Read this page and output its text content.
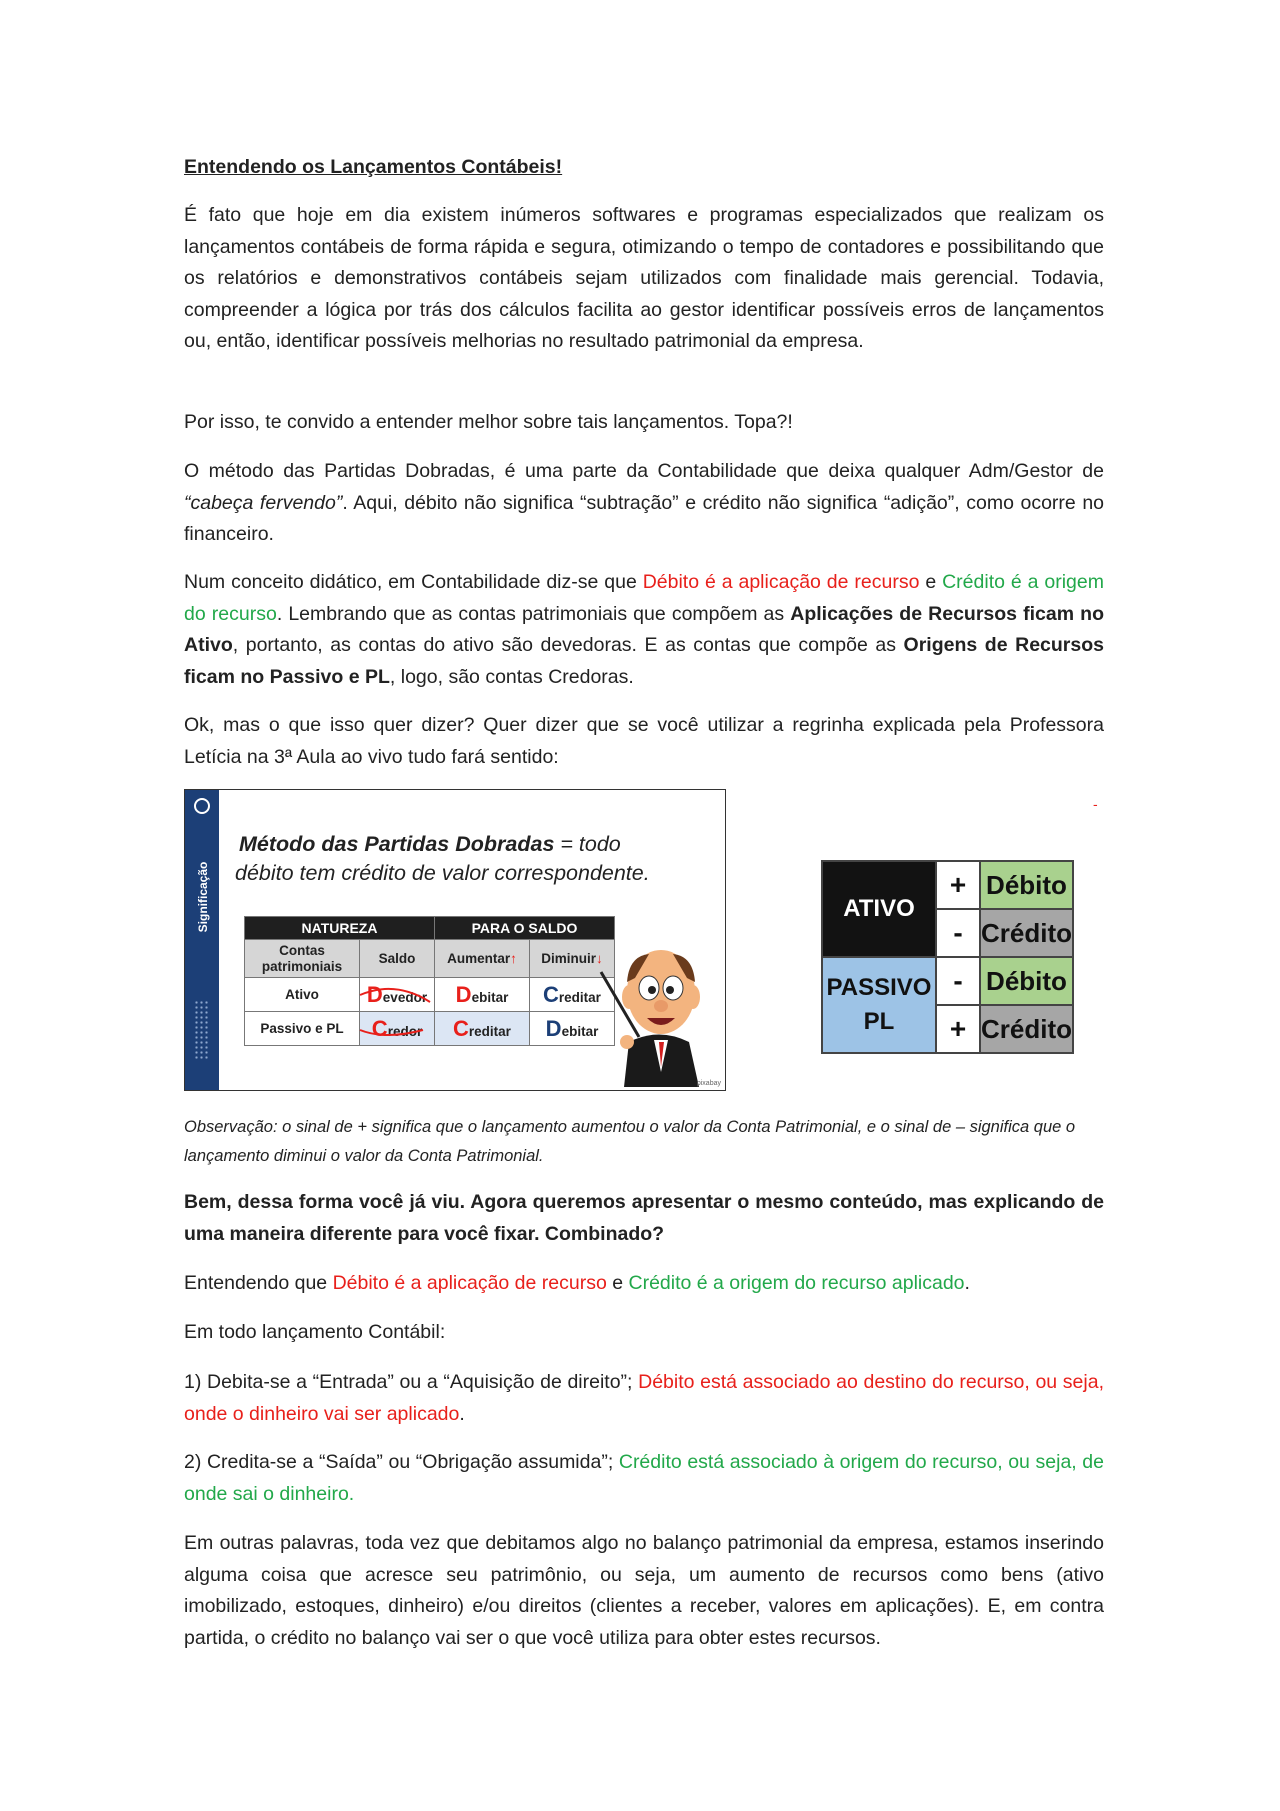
Entendendo os Lançamentos Contábeis!

É fato que hoje em dia existem inúmeros softwares e programas especializados que realizam os lançamentos contábeis de forma rápida e segura, otimizando o tempo de contadores e possibilitando que os relatórios e demonstrativos contábeis sejam utilizados com finalidade mais gerencial. Todavia, compreender a lógica por trás dos cálculos facilita ao gestor identificar possíveis erros de lançamentos ou, então, identificar possíveis melhorias no resultado patrimonial da empresa.

Por isso, te convido a entender melhor sobre tais lançamentos. Topa?!

O método das Partidas Dobradas, é uma parte da Contabilidade que deixa qualquer Adm/Gestor de “cabeça fervendo”. Aqui, débito não significa “subtração” e crédito não significa “adição”, como ocorre no financeiro.

Num conceito didático, em Contabilidade diz-se que Débito é a aplicação de recurso e Crédito é a origem do recurso. Lembrando que as contas patrimoniais que compõem as Aplicações de Recursos ficam no Ativo, portanto, as contas do ativo são devedoras. E as contas que compõe as Origens de Recursos ficam no Passivo e PL, logo, são contas Credoras.

Ok, mas o que isso quer dizer? Quer dizer que se você utilizar a regrinha explicada pela Professora Letícia na 3ª Aula ao vivo tudo fará sentido:

Significação
Método das Partidas Dobradas = todo
débito tem crédito de valor correspondente.
NATUREZA		PARA O SALDO	
Contas patrimoniais	Saldo	Aumentar↑	Diminuir↓
Ativo	Devedor	Debitar	Creditar
Passivo e PL	Credor	Creditar	Debitar
pixabay
-
ATIVO	+	Débito
	-	Crédito

PASSIVO
PL	-	Débito
	+	Crédito

Observação: o sinal de + significa que o lançamento aumentou o valor da Conta Patrimonial, e o sinal de – significa que o lançamento diminui o valor da Conta Patrimonial.

Bem, dessa forma você já viu. Agora queremos apresentar o mesmo conteúdo, mas explicando de uma maneira diferente para você fixar. Combinado?

Entendendo que Débito é a aplicação de recurso e Crédito é a origem do recurso aplicado.

Em todo lançamento Contábil:

1) Debita-se a “Entrada” ou a “Aquisição de direito”; Débito está associado ao destino do recurso, ou seja, onde o dinheiro vai ser aplicado.

2) Credita-se a “Saída” ou “Obrigação assumida”; Crédito está associado à origem do recurso, ou seja, de onde sai o dinheiro.

Em outras palavras, toda vez que debitamos algo no balanço patrimonial da empresa, estamos inserindo alguma coisa que acresce seu patrimônio, ou seja, um aumento de recursos como bens (ativo imobilizado, estoques, dinheiro) e/ou direitos (clientes a receber, valores em aplicações). E, em contra partida, o crédito no balanço vai ser o que você utiliza para obter estes recursos.
